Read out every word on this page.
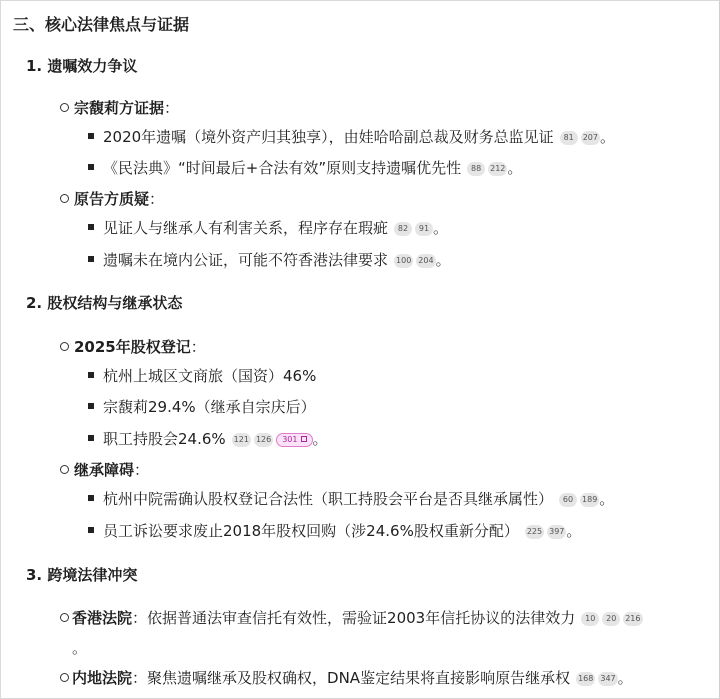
三、核心法律焦点与证据
1. 遗嘱效力争议
宗馥莉方证据：
2020年遗嘱（境外资产归其独享），由娃哈哈副总裁及财务总监见证 81 207 。
《民法典》“时间最后+合法有效”原则支持遗嘱优先性 88 212 。
原告方质疑：
见证人与继承人有利害关系，程序存在瑕疵 82 91 。
遗嘱未在境内公证，可能不符香港法律要求 100 204 。
2. 股权结构与继承状态
2025年股权登记：
杭州上城区文商旅（国资）46%
宗馥莉29.4%（继承自宗庆后）
职工持股会24.6% 121 126 301 。
继承障碍：
杭州中院需确认股权登记合法性（职工持股会平台是否具继承属性） 60 189 。
员工诉讼要求废止2018年股权回购（涉24.6%股权重新分配） 225 397 。
3. 跨境法律冲突
香港法院：依据普通法审查信托有效性，需验证2003年信托协议的法律效力 10 20 216
。
内地法院：聚焦遗嘱继承及股权确权，DNA鉴定结果将直接影响原告继承权 168 347 。
